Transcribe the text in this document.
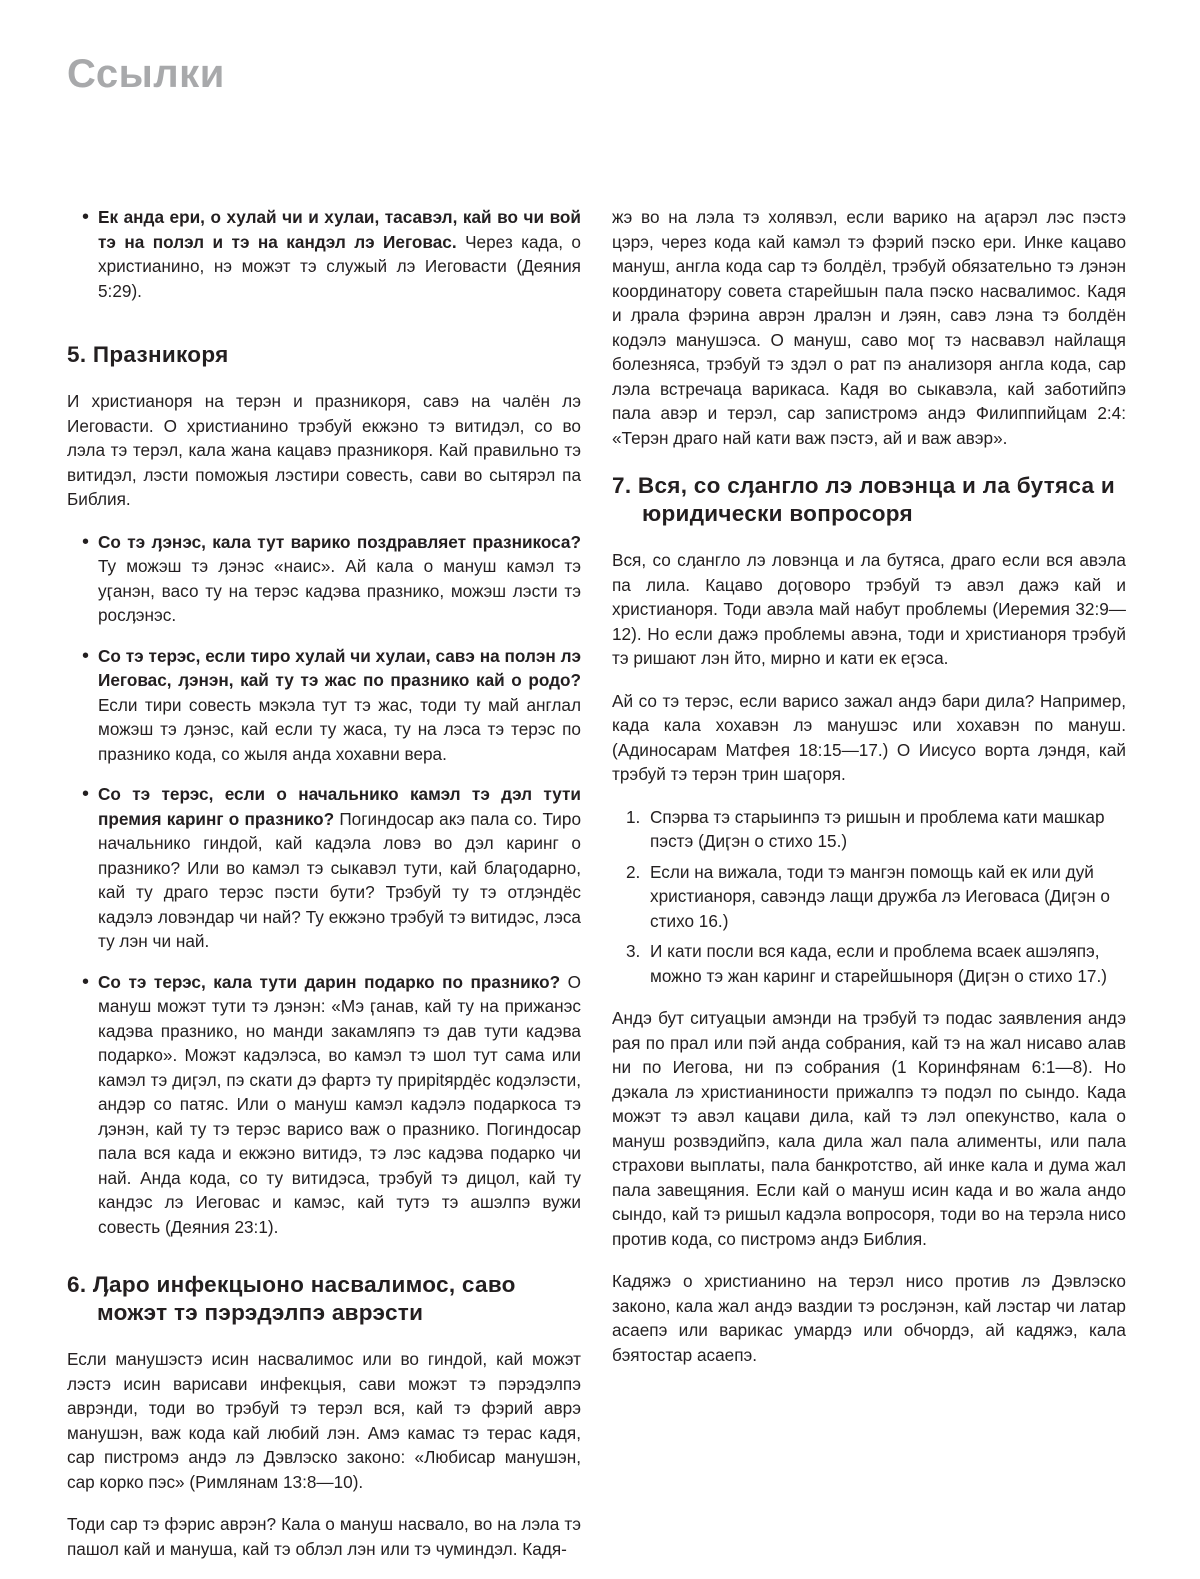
Ссылки
• Ек анда ери, о хулай чи и хулаи, тасавэл, кай во чи вой тэ на полэл и тэ на кандэл лэ Иеговас. Через када, о христианино, нэ можэт тэ служый лэ Иеговасти (Деяния 5:29).
5. Празникоря

И христианоря на терэн и празникоря, савэ на чалён лэ Иеговасти. О христианино трэбуй екжэно тэ витидэл, со во лэла тэ терэл, кала жана кацавэ празникоря. Кай правильно тэ витидэл, лэсти поможыя лэстири совесть, сави во сытярэл па Библия.

• Со тэ ӆэнэс, кала тут варико поздравляет празникоса? Ту можэш тэ ӆэнэс «наис». Ай кала о мануш камэл тэ уӷанэн, васо ту на терэс кадэва празнико, можэш лэсти тэ росӆэнэс.
• Со тэ терэс, если тиро хулай чи хулаи, савэ на полэн лэ Иеговас, ӆэнэн, кай ту тэ жас по празнико кай о родо? Если тири совесть мэкэла тут тэ жас, тоди ту май англал можэш тэ ӆэнэс, кай если ту жаса, ту на лэса тэ терэс по празнико кода, со жыля анда хохавни вера.
• Со тэ терэс, если о начальнико камэл тэ дэл тути премия каринг о празнико? Погиндосар акэ пала со. Тиро начальнико гиндой, кай кадэла ловэ во дэл каринг о празнико? Или во камэл тэ сыкавэл тути, кай блаӷодарно, кай ту драго терэс пэсти бути? Трэбуй ту тэ отӆэндёс кадэлэ ловэндар чи най? Ту екжэно трэбуй тэ витидэс, лэса ту лэн чи най.
• Со тэ терэс, кала тути дарин подарко по празнико? О мануш можэт тути тэ ӆэнэн: «Мэ ӷанав, кай ту на прижанэс кадэва празнико, но манди закамляпэ тэ дав тути кадэва подарко». Можэт кадэлэса, во камэл тэ шол тут сама или камэл тэ диӷэл, пэ скати дэ фартэ ту прирitярдёс кодэлэсти, андэр со патяс. Или о мануш камэл кадэлэ подаркоса тэ ӆэнэн, кай ту тэ терэс варисо важ о празнико. Погиндосар пала вся када и екжэно витидэ, тэ лэс кадэва подарко чи най. Анда кода, со ту витидэса, трэбуй тэ дицол, кай ту кандэс лэ Иеговас и камэс, кай тутэ тэ ашэлпэ вужи совесть (Деяния 23:1).
6. Ӆаро инфекцыоно насвалимос, саво можэт тэ пэрэдэлпэ аврэсти

Если манушэстэ исин насвалимос или во гиндой, кай можэт лэстэ исин варисави инфекцыя, сави можэт тэ пэрэдэлпэ аврэнди, тоди во трэбуй тэ терэл вся, кай тэ фэрий аврэ манушэн, важ кода кай любий лэн. Амэ камас тэ терас кадя, сар пистромэ андэ лэ Дэвлэско законо: «Любисар манушэн, сар корко пэс» (Римлянам 13:8—10).

Тоди сар тэ фэрис аврэн? Кала о мануш насвало, во на лэла тэ пашол кай и мануша, кай тэ облэл лэн или тэ чуминдэл. Кадя-

жэ во на лэла тэ холявэл, если варико на аӷарэл лэс пэстэ цэрэ, через кода кай камэл тэ фэрий пэско ери. Инке кацаво мануш, англа кода сар тэ болдёл, трэбуй обязательно тэ ӆэнэн координатору совета старейшын пала пэско насвалимос. Кадя и ӆрала фэрина аврэн ӆралэн и ӆэян, савэ лэна тэ болдён кодэлэ манушэса. О мануш, саво моӷ тэ насвавэл найлащя болезняса, трэбуй тэ здэл о рат пэ анализоря англа кода, сар лэла встречаца варикаса. Кадя во сыкавэла, кай заботийпэ пала авэр и терэл, сар запистромэ андэ Филиппийцам 2:4: «Терэн драго най кати важ пэстэ, ай и важ авэр».

7. Вся, со сӆангло лэ ловэнца и ла бутяса и юридически вопросоря

Вся, со сӆангло лэ ловэнца и ла бутяса, драго если вся авэла па лила. Кацаво доӷоворо трэбуй тэ авэл дажэ кай и христианоря. Тоди авэла май набут проблемы (Иеремия 32:9—12). Но если дажэ проблемы авэна, тоди и христианоря трэбуй тэ ришают лэн йто, мирно и кати ек еӷэса.

Ай со тэ терэс, если варисо зажал андэ бари дила? Например, када кала хохавэн лэ манушэс или хохавэн по мануш. (Адиносарам Матфея 18:15—17.) О Иисусо ворта ӆэндя, кай трэбуй тэ терэн трин шаӷоря.

1. Спэрва тэ старыинпэ тэ ришын и проблема кати машкар пэстэ (Диӷэн о стихо 15.)
2. Если на вижала, тоди тэ мангэн помощь кай ек или дуй христианоря, савэндэ лащи дружба лэ Иеговаса (Диӷэн о стихо 16.)
3. И кати посли вся када, если и проблема всаек ашэляпэ, можно тэ жан каринг и старейшыноря (Диӷэн о стихо 17.)

Андэ бут ситуацыи амэнди на трэбуй тэ подас заявления андэ рая по прал или пэй анда собрания, кай тэ на жал нисаво алав ни по Иегова, ни пэ собрания (1 Коринфянам 6:1—8). Но дэкала лэ христианиности прижалпэ тэ подэл по сындо. Када можэт тэ авэл кацави дила, кай тэ лэл опекунство, кала о мануш розвэдийпэ, кала дила жал пала алименты, или пала страхови выплаты, пала банкротство, ай инке кала и дума жал пала завещяния. Если кай о мануш исин када и во жала андо сындо, кай тэ ришыл кадэла вопросоря, тоди во на терэла нисо против кода, со пистромэ андэ Библия.

Кадяжэ о христианино на терэл нисо против лэ Дэвлэско законо, кала жал андэ ваздии тэ росӆэнэн, кай лэстар чи латар асаепэ или варикас умардэ или обчордэ, ай кадяжэ, кала бэятостар асаепэ.
